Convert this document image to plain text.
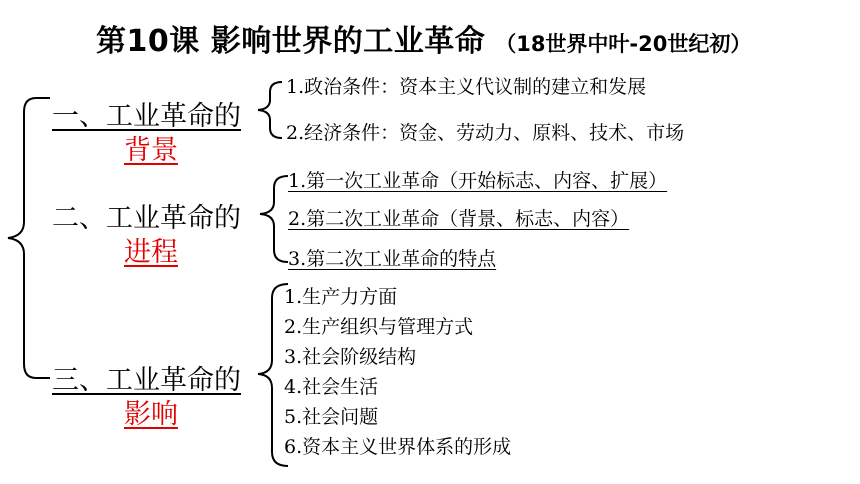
第10课 影响世界的工业革命 （18世界中叶-20世纪初）
一、工业革命的
背景
1.政治条件：资本主义代议制的建立和发展
2.经济条件：资金、劳动力、原料、技术、市场
二、工业革命的
进程
1.第一次工业革命（开始标志、内容、扩展）
2.第二次工业革命（背景、标志、内容）
3.第二次工业革命的特点
三、工业革命的
影响
1.生产力方面
2.生产组织与管理方式
3.社会阶级结构
4.社会生活
5.社会问题
6.资本主义世界体系的形成
